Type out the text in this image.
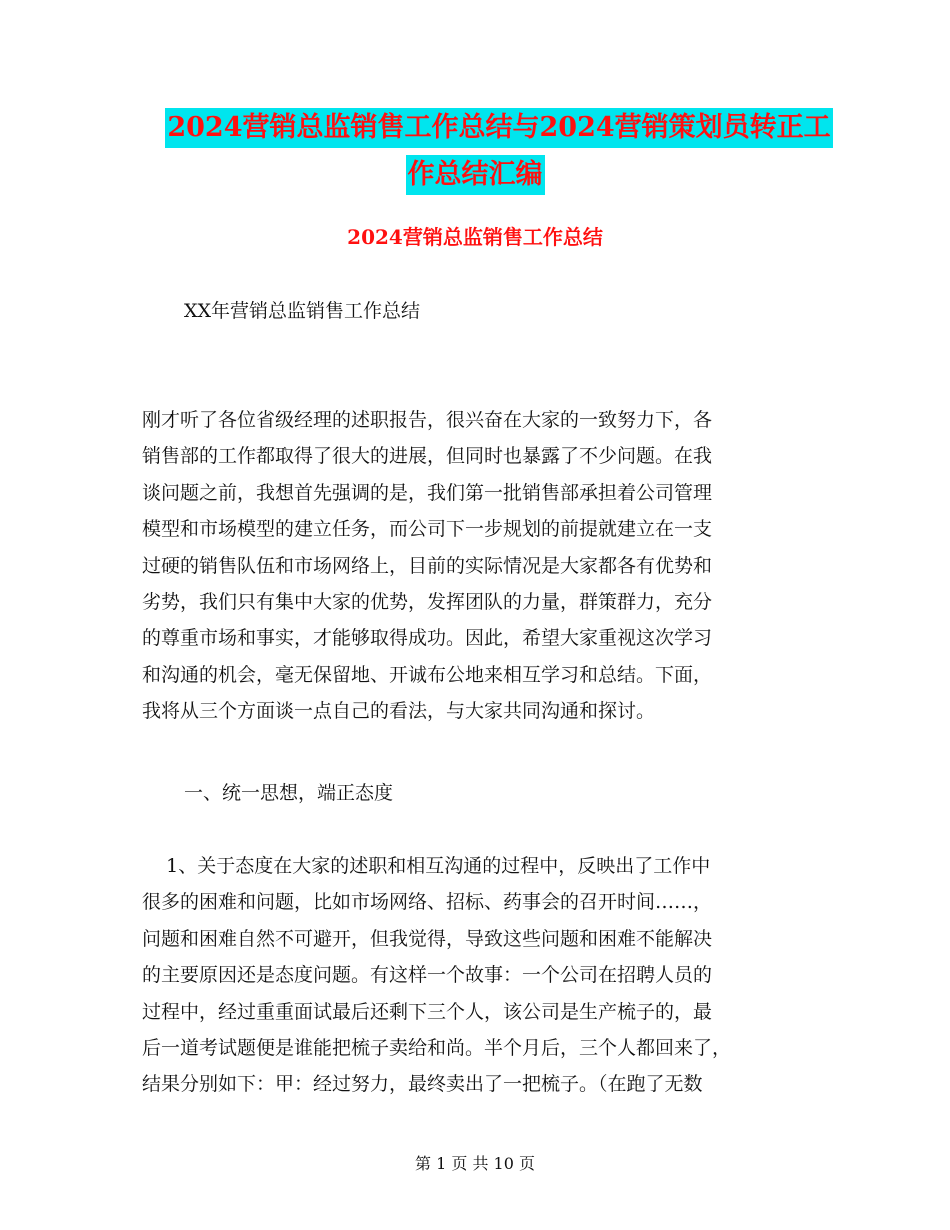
2024营销总监销售工作总结与2024营销策划员转正工
作总结汇编
2024营销总监销售工作总结
XX年营销总监销售工作总结
刚才听了各位省级经理的述职报告，很兴奋在大家的一致努力下，各
销售部的工作都取得了很大的进展，但同时也暴露了不少问题。在我
谈问题之前，我想首先强调的是，我们第一批销售部承担着公司管理
模型和市场模型的建立任务，而公司下一步规划的前提就建立在一支
过硬的销售队伍和市场网络上，目前的实际情况是大家都各有优势和
劣势，我们只有集中大家的优势，发挥团队的力量，群策群力，充分
的尊重市场和事实，才能够取得成功。因此，希望大家重视这次学习
和沟通的机会，毫无保留地、开诚布公地来相互学习和总结。下面，
我将从三个方面谈一点自己的看法，与大家共同沟通和探讨。
一、统一思想，端正态度
1、关于态度在大家的述职和相互沟通的过程中，反映出了工作中
很多的困难和问题，比如市场网络、招标、药事会的召开时间……，
问题和困难自然不可避开，但我觉得，导致这些问题和困难不能解决
的主要原因还是态度问题。有这样一个故事：一个公司在招聘人员的
过程中，经过重重面试最后还剩下三个人，该公司是生产梳子的，最
后一道考试题便是谁能把梳子卖给和尚。半个月后，三个人都回来了，
结果分别如下：甲：经过努力，最终卖出了一把梳子。（在跑了无数
第 1 页 共 10 页
